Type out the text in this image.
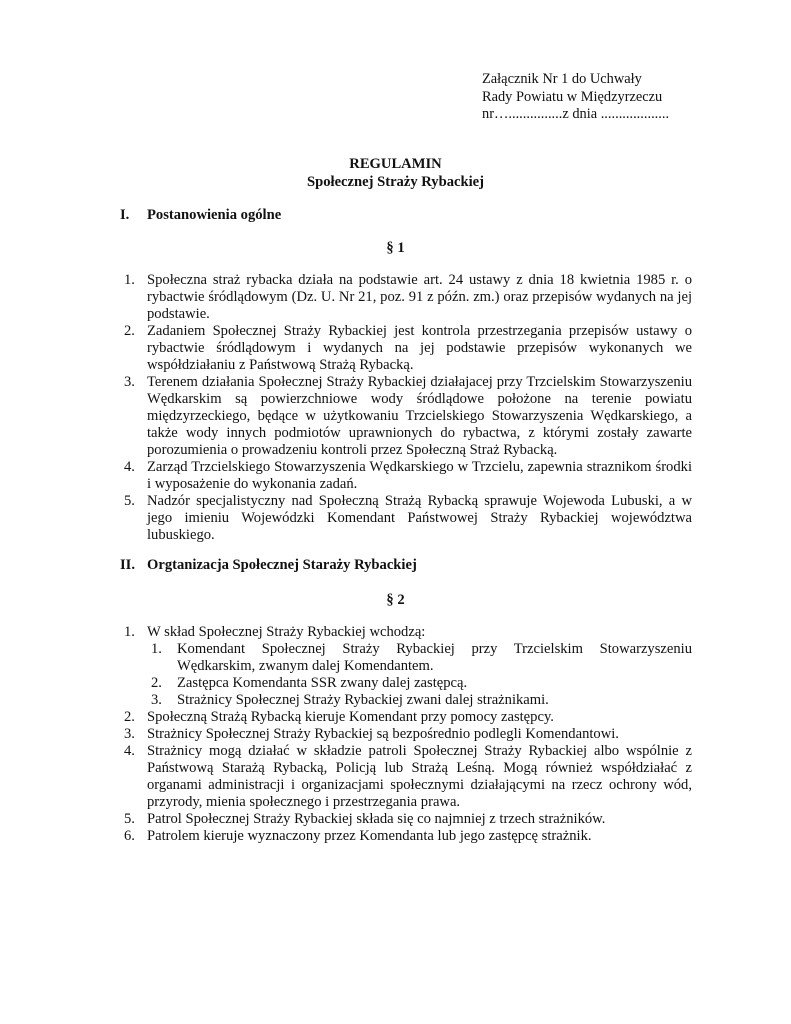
Załącznik Nr 1 do Uchwały
Rady Powiatu w Międzyrzeczu
nr…...............z dnia ...................
REGULAMIN
Społecznej Straży Rybackiej
I. Postanowienia ogólne
§ 1
1. Społeczna straż rybacka działa na podstawie art. 24 ustawy z dnia 18 kwietnia 1985 r. o rybactwie śródlądowym (Dz. U. Nr 21, poz. 91 z późn. zm.) oraz przepisów wydanych na jej podstawie.
2. Zadaniem Społecznej Straży Rybackiej jest kontrola przestrzegania przepisów ustawy o rybactwie śródlądowym i wydanych na jej podstawie przepisów wykonanych we współdziałaniu z Państwową Strażą Rybacką.
3. Terenem działania Społecznej Straży Rybackiej działajacej przy Trzcielskim Stowarzyszeniu Wędkarskim są powierzchniowe wody śródlądowe położone na terenie powiatu międzyrzeckiego, będące w użytkowaniu Trzcielskiego Stowarzyszenia Wędkarskiego, a także wody innych podmiotów uprawnionych do rybactwa, z którymi zostały zawarte porozumienia o prowadzeniu kontroli przez Społeczną Straż Rybacką.
4. Zarząd Trzcielskiego Stowarzyszenia Wędkarskiego w Trzcielu, zapewnia straznikom środki i wyposażenie do wykonania zadań.
5. Nadzór specjalistyczny nad Społeczną Strażą Rybacką sprawuje Wojewoda Lubuski, a w jego imieniu Wojewódzki Komendant Państwowej Straży Rybackiej województwa lubuskiego.
II. Orgtanizacja Społecznej Staraży Rybackiej
§ 2
1. W skład Społecznej Straży Rybackiej wchodzą:
1. Komendant Społecznej Straży Rybackiej przy Trzcielskim Stowarzyszeniu Wędkarskim, zwanym dalej Komendantem.
2. Zastępca Komendanta SSR zwany dalej zastępcą.
3. Strażnicy Społecznej Straży Rybackiej zwani dalej strażnikami.
2. Społeczną Strażą Rybacką kieruje Komendant przy pomocy zastępcy.
3. Strażnicy Społecznej Straży Rybackiej są bezpośrednio podlegli Komendantowi.
4. Strażnicy mogą działać w składzie patroli Społecznej Straży Rybackiej albo wspólnie z Państwową Starażą Rybacką, Policją lub Strażą Leśną. Mogą również współdziałać z organami administracji i organizacjami społecznymi działającymi na rzecz ochrony wód, przyrody, mienia społecznego i przestrzegania prawa.
5. Patrol Społecznej Straży Rybackiej składa się co najmniej z trzech strażników.
6. Patrolem kieruje wyznaczony przez Komendanta lub jego zastępcę strażnik.
